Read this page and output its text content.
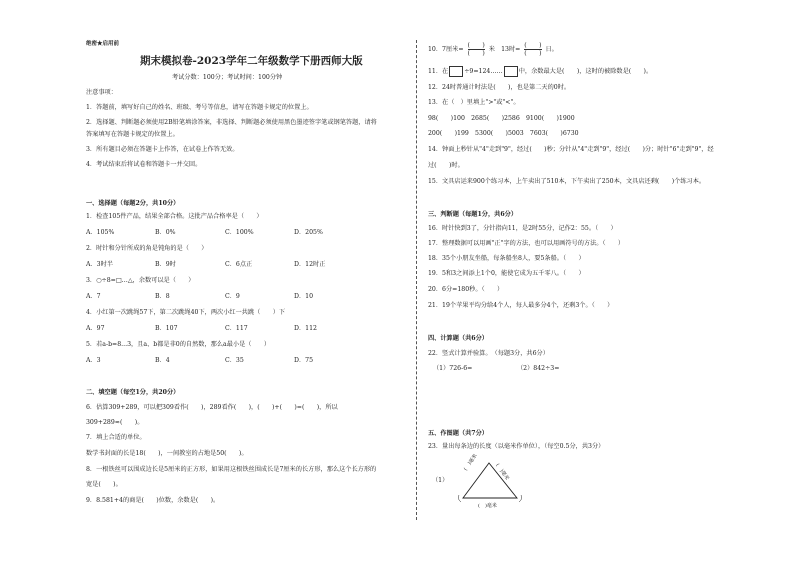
绝密★启用前
期末模拟卷-2023学年二年级数学下册西师大版
考试分数：100分；考试时间：100分钟
注意事项：
1．答题前，填写好自己的姓名、班级、考号等信息，请写在答题卡规定的位置上。
2．选择题、判断题必须使用2B铅笔填涂答案，非选择、判断题必须使用黑色墨迹签字笔或钢笔答题，请将
答案填写在答题卡规定的位置上。
3．所有题目必须在答题卡上作答，在试卷上作答无效。
4．考试结束后将试卷和答题卡一并交回。
一、选择题（每题2分，共10分）
1．检查105件产品，结果全部合格。这批产品合格率是（　　）
A．105%	B．0%	C．100%	D．205%
2．时针和分针所成的角是钝角的是（　　）
A．3时半	B．9时	C．6点正	D．12时正
3．○÷8=□…△，余数可以是（　　）
A．7	B．8	C．9	D．10
4．小红第一次跳绳57下，第二次跳绳40下，两次小红一共跳（　　）下
A．97	B．107	C．117	D．112
5．若a-b=8...3，且a、b都是非0的自然数，那么a最小是（　　）
A．3	B．4	C．35	D．75
二、填空题（每空1分，共20分）
6．估算309+289，可以把309看作(　　)，289看作(　　)，(　　)+(　　)=(　　)，所以
309+289≈(　　)。
7．填上合适的单位。
数学书封面的长是18(　　)，一间教室的占地是50(　　)。
8．一根铁丝可以围成边长是5厘米的正方形，如果用这根铁丝围成长是7厘米的长方形，那么这个长方形的
宽是(　　)。
9．8.581+4的商是(　　)位数，余数是(　　)。
10．7厘米= $\frac{( )}{( )}$ 米　13时= $\frac{( )}{( )}$ 日。
11．在	÷9=124……	中，余数最大是(　　)，这时的被除数是(　　)。
12．24时普通计时法是(　　)，也是第二天的0时。
13．在（　）里填上">"或"<"。
98(　　)100　2685(　　)2586　9100(　　)1900
200(　　)199　5300(　　)5003　7603(　　)6730
14．钟面上秒针从"4"走到"9"，经过(　　)秒；分针从"4"走到"9"，经过(　　)分；时针"6"走到"9"，经
过(　　)时。
15．文具店运来900个练习本，上午卖出了510本，下午卖出了250本，文具店还剩(　　)个练习本。
三、判断题（每题1分，共6分）
16．时针快到3了，分针指向11，是2时55分，记作2：55。（　　）
17．整理数据可以用画"正"字的方法，也可以用画符号的方法。（　　）
18．35个小朋友坐船，每条船坐8人，要5条船。（　　）
19．5和3之间添上1个0，能使它成为五千零八。（　　）
20．6分=180秒。（　　）
21．19个苹果平均分给4个人，每人最多分4个，还剩3个。（　　）
四、计算题（共6分）
22．竖式计算并验算。　（每题3分，共6分）
（1）726-6=	（2）842÷3=
五、作图题（共7分）
23．量出每条边的长度（以毫米作单位），（每空0.5分，共3分）
（1）
(　)毫米
(　)毫米
(　)毫米
